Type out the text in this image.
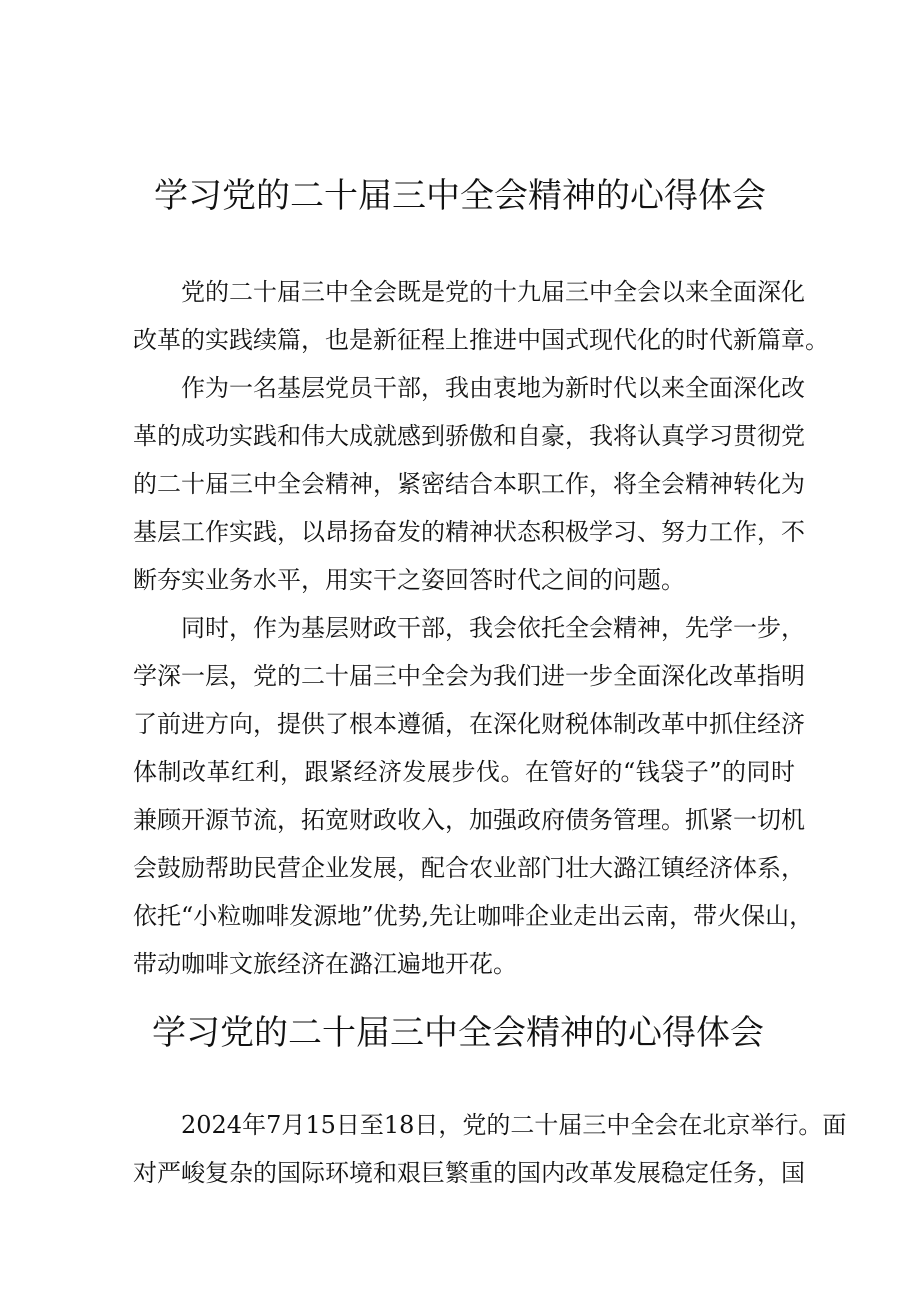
学习党的二十届三中全会精神的心得体会
党的二十届三中全会既是党的十九届三中全会以来全面深化
改革的实践续篇，也是新征程上推进中国式现代化的时代新篇章。
作为一名基层党员干部，我由衷地为新时代以来全面深化改
革的成功实践和伟大成就感到骄傲和自豪，我将认真学习贯彻党
的二十届三中全会精神，紧密结合本职工作，将全会精神转化为
基层工作实践，以昂扬奋发的精神状态积极学习、努力工作，不
断夯实业务水平，用实干之姿回答时代之间的问题。
同时，作为基层财政干部，我会依托全会精神，先学一步，
学深一层，党的二十届三中全会为我们进一步全面深化改革指明
了前进方向，提供了根本遵循，在深化财税体制改革中抓住经济
体制改革红利，跟紧经济发展步伐。在管好的“钱袋子”的同时
兼顾开源节流，拓宽财政收入，加强政府债务管理。抓紧一切机
会鼓励帮助民营企业发展，配合农业部门壮大潞江镇经济体系，
依托“小粒咖啡发源地”优势,先让咖啡企业走出云南，带火保山，
带动咖啡文旅经济在潞江遍地开花。
学习党的二十届三中全会精神的心得体会
2024年7月15日至18日，党的二十届三中全会在北京举行。面
对严峻复杂的国际环境和艰巨繁重的国内改革发展稳定任务，国
